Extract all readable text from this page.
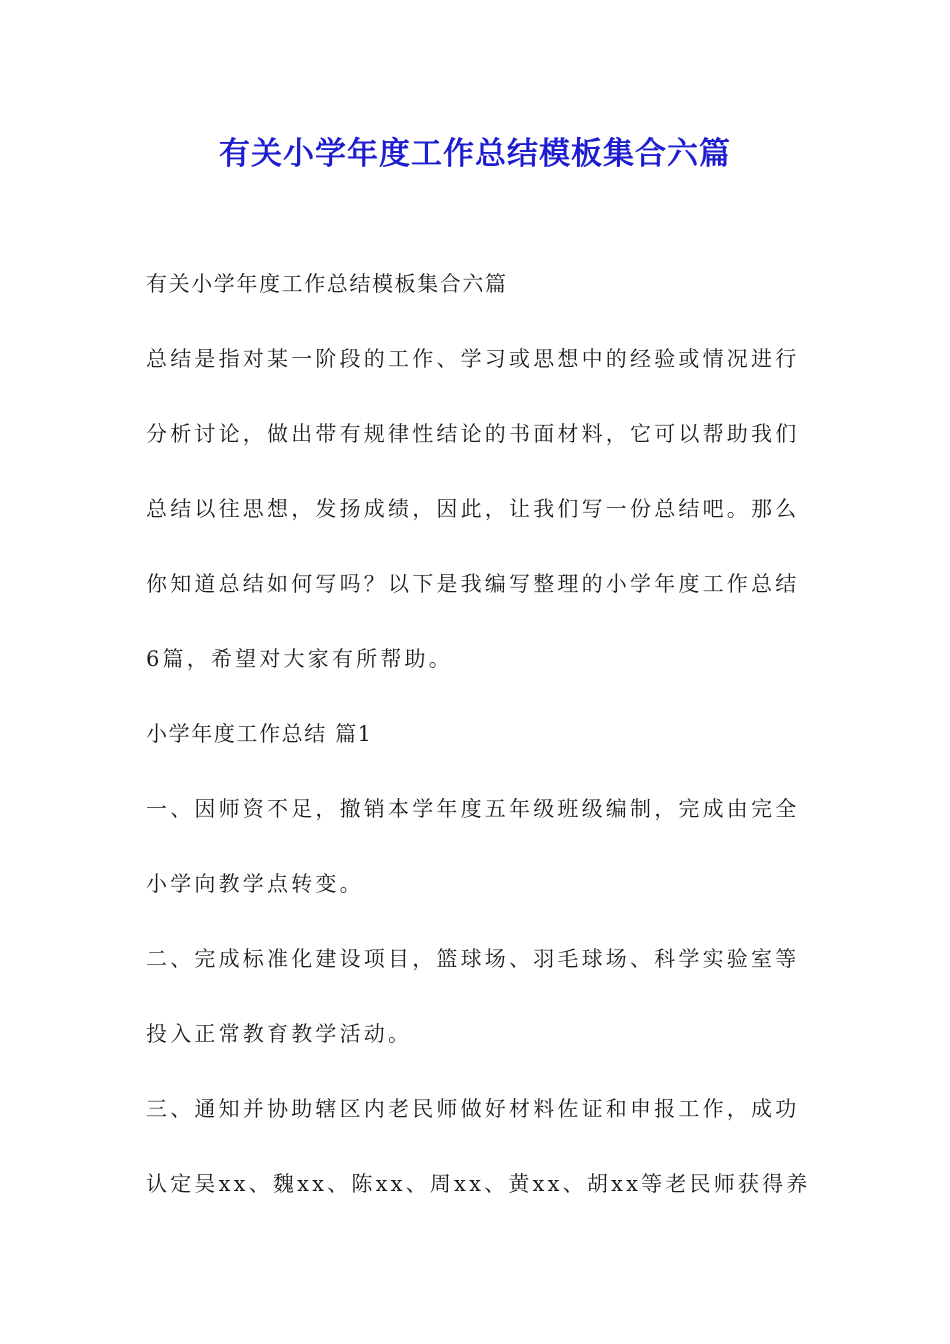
有关小学年度工作总结模板集合六篇
有关小学年度工作总结模板集合六篇
总结是指对某一阶段的工作、学习或思想中的经验或情况进行
分析讨论，做出带有规律性结论的书面材料，它可以帮助我们
总结以往思想，发扬成绩，因此，让我们写一份总结吧。那么
你知道总结如何写吗？以下是我编写整理的小学年度工作总结
6篇，希望对大家有所帮助。
小学年度工作总结 篇1
一、因师资不足，撤销本学年度五年级班级编制，完成由完全
小学向教学点转变。
二、完成标准化建设项目，篮球场、羽毛球场、科学实验室等
投入正常教育教学活动。
三、通知并协助辖区内老民师做好材料佐证和申报工作，成功
认定吴xx、魏xx、陈xx、周xx、黄xx、胡xx等老民师获得养
